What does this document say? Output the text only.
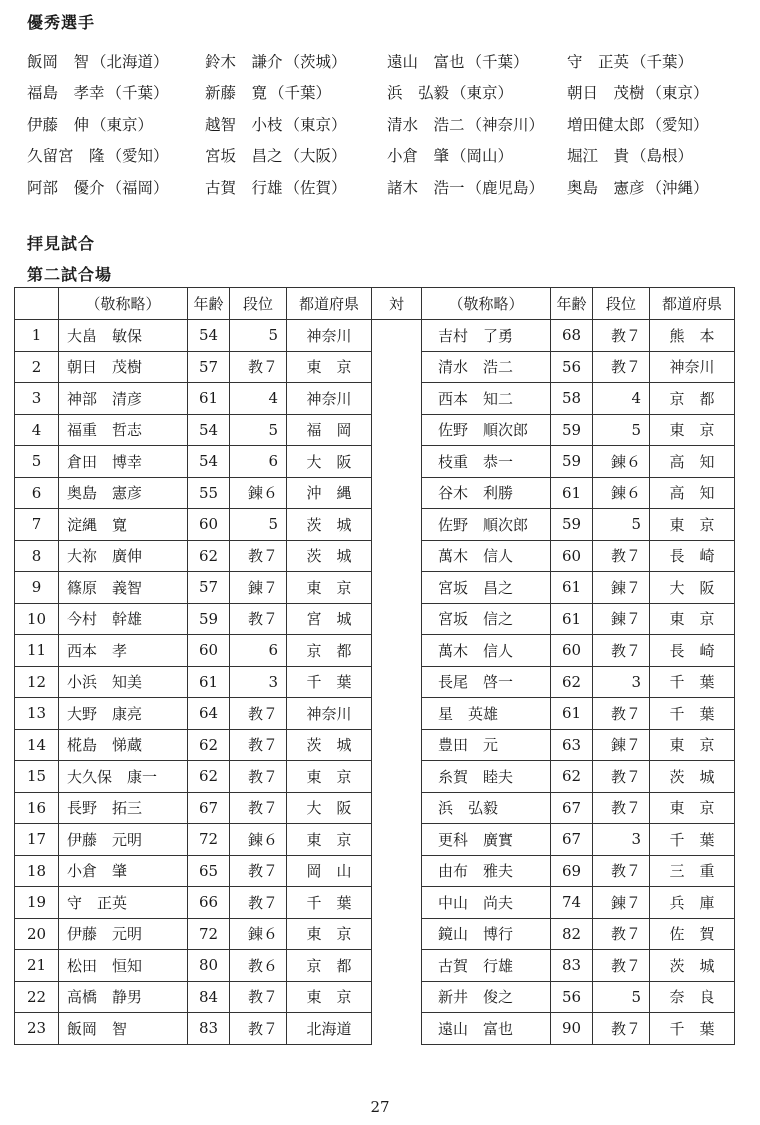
優秀選手
飯岡　智 （北海道） 鈴木　謙介 （茨城）	遠山　富也 （千葉） 守　正英 （千葉）
福島　孝幸 （千葉） 新藤　寛 （千葉）	浜　弘毅 （東京）	朝日　茂樹 （東京）
伊藤　伸 （東京）	越智　小枝 （東京）	清水　浩二 （神奈川） 増田健太郎 （愛知）
久留宮　隆 （愛知） 宮坂　昌之 （大阪）	小倉　肇 （岡山）	堀江　貴 （島根）
阿部　優介 （福岡） 古賀　行雄 （佐賀）	諸木　浩一 （鹿児島） 奥島　憲彦 （沖縄）
拝見試合
第二試合場
	（敬称略）	年齢	段位	都道府県	対	（敬称略）	年齢	段位	都道府県
1	大畠　敏保	54	5	神奈川		吉村　了勇	68	教７	熊　本
2	朝日　茂樹	57	教７	東　京		清水　浩二	56	教７	神奈川
3	神部　清彦	61	4	神奈川		西本　知二	58	4	京　都
4	福重　哲志	54	5	福　岡		佐野　順次郎	59	5	東　京
5	倉田　博幸	54	6	大　阪		枝重　恭一	59	錬６	高　知
6	奥島　憲彦	55	錬６	沖　縄		谷木　利勝	61	錬６	高　知
7	淀縄　寛	60	5	茨　城		佐野　順次郎	59	5	東　京
8	大祢　廣伸	62	教７	茨　城		萬木　信人	60	教７	長　崎
9	篠原　義智	57	錬７	東　京		宮坂　昌之	61	錬７	大　阪
10	今村　幹雄	59	教７	宮　城		宮坂　信之	61	錬７	東　京
11	西本　孝	60	6	京　都		萬木　信人	60	教７	長　崎
12	小浜　知美	61	3	千　葉		長尾　啓一	62	3	千　葉
13	大野　康亮	64	教７	神奈川		星　英雄	61	教７	千　葉
14	椛島　悌蔵	62	教７	茨　城		豊田　元	63	錬７	東　京
15	大久保　康一	62	教７	東　京		糸賀　睦夫	62	教７	茨　城
16	長野　拓三	67	教７	大　阪		浜　弘毅	67	教７	東　京
17	伊藤　元明	72	錬６	東　京		更科　廣實	67	3	千　葉
18	小倉　肇	65	教７	岡　山		由布　雅夫	69	教７	三　重
19	守　正英	66	教７	千　葉		中山　尚夫	74	錬７	兵　庫
20	伊藤　元明	72	錬６	東　京		鏡山　博行	82	教７	佐　賀
21	松田　恒知	80	教６	京　都		古賀　行雄	83	教７	茨　城
22	高橋　静男	84	教７	東　京		新井　俊之	56	5	奈　良
23	飯岡　智	83	教７	北海道		遠山　富也	90	教７	千　葉
27
